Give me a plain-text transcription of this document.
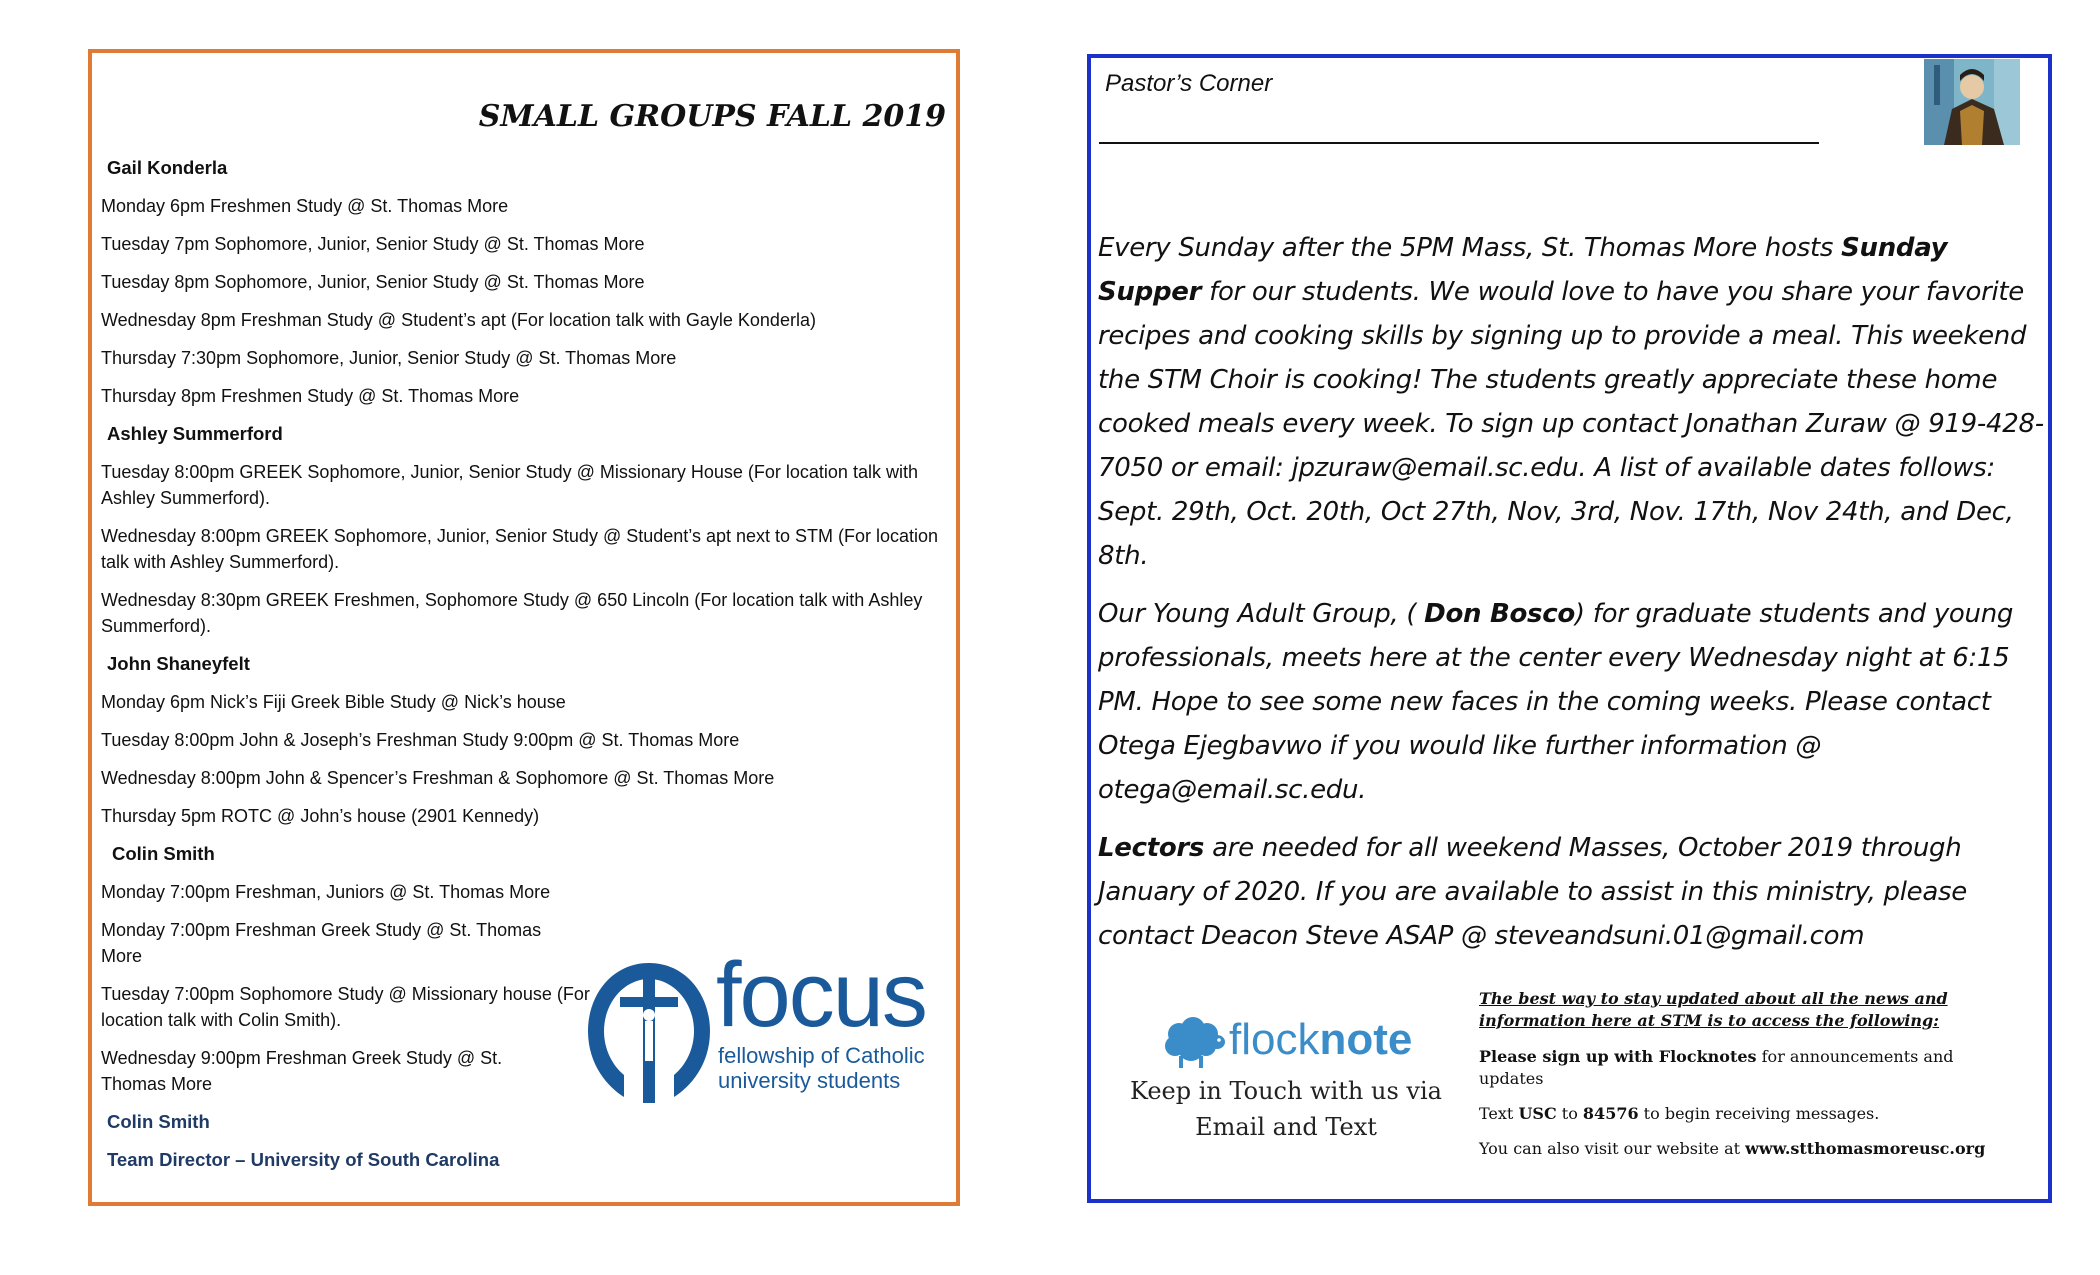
SMALL GROUPS FALL 2019
Gail Konderla
Monday 6pm Freshmen Study @ St. Thomas More
Tuesday 7pm Sophomore, Junior, Senior Study @ St. Thomas More
Tuesday 8pm Sophomore, Junior, Senior Study @ St. Thomas More
Wednesday 8pm Freshman Study @ Student’s apt (For location talk with Gayle Konderla)
Thursday 7:30pm Sophomore, Junior, Senior Study @ St. Thomas More
Thursday 8pm Freshmen Study @ St. Thomas More
Ashley Summerford
Tuesday 8:00pm GREEK Sophomore, Junior, Senior Study @ Missionary House (For location talk with Ashley Summerford).
Wednesday 8:00pm GREEK Sophomore, Junior, Senior Study @ Student’s apt next to STM (For location talk with Ashley Summerford).
Wednesday 8:30pm GREEK Freshmen, Sophomore Study @ 650 Lincoln (For location talk with Ashley Summerford).
John Shaneyfelt
Monday 6pm Nick’s Fiji Greek Bible Study @ Nick’s house
Tuesday 8:00pm John & Joseph’s Freshman Study 9:00pm @ St. Thomas More
Wednesday 8:00pm John & Spencer’s Freshman & Sophomore @ St. Thomas More
Thursday 5pm ROTC @ John’s house (2901 Kennedy)
Colin Smith
Monday 7:00pm Freshman, Juniors @ St. Thomas More
Monday 7:00pm Freshman Greek Study @ St. Thomas More
Tuesday 7:00pm Sophomore Study @ Missionary house (For location talk with Colin Smith).
Wednesday 9:00pm Freshman Greek Study @ St. Thomas More
Colin Smith
Team Director – University of South Carolina
focus
fellowship of Catholic
university students
Pastor’s Corner

Every Sunday after the 5PM Mass, St. Thomas More hosts Sunday Supper for our students. We would love to have you share your favorite recipes and cooking skills by signing up to provide a meal. This weekend the STM Choir is cooking! The students greatly appreciate these home cooked meals every week. To sign up contact Jonathan Zuraw @ 919-428-7050 or email: jpzuraw@email.sc.edu. A list of available dates follows: Sept. 29th, Oct. 20th, Oct 27th, Nov, 3rd, Nov. 17th, Nov 24th, and Dec, 8th.

Our Young Adult Group, ( Don Bosco) for graduate students and young professionals, meets here at the center every Wednesday night at 6:15 PM. Hope to see some new faces in the coming weeks. Please contact Otega Ejegbavwo if you would like further information @ otega@email.sc.edu.

Lectors are needed for all weekend Masses, October 2019 through January of 2020. If you are available to assist in this ministry, please contact Deacon Steve ASAP @ steveandsuni.01@gmail.com

flocknote
Keep in Touch with us via
Email and Text
The best way to stay updated about all the news and information here at STM is to access the following:
Please sign up with Flocknotes for announcements and updates
Text USC to 84576 to begin receiving messages.
You can also visit our website at www.stthomasmoreusc.org
